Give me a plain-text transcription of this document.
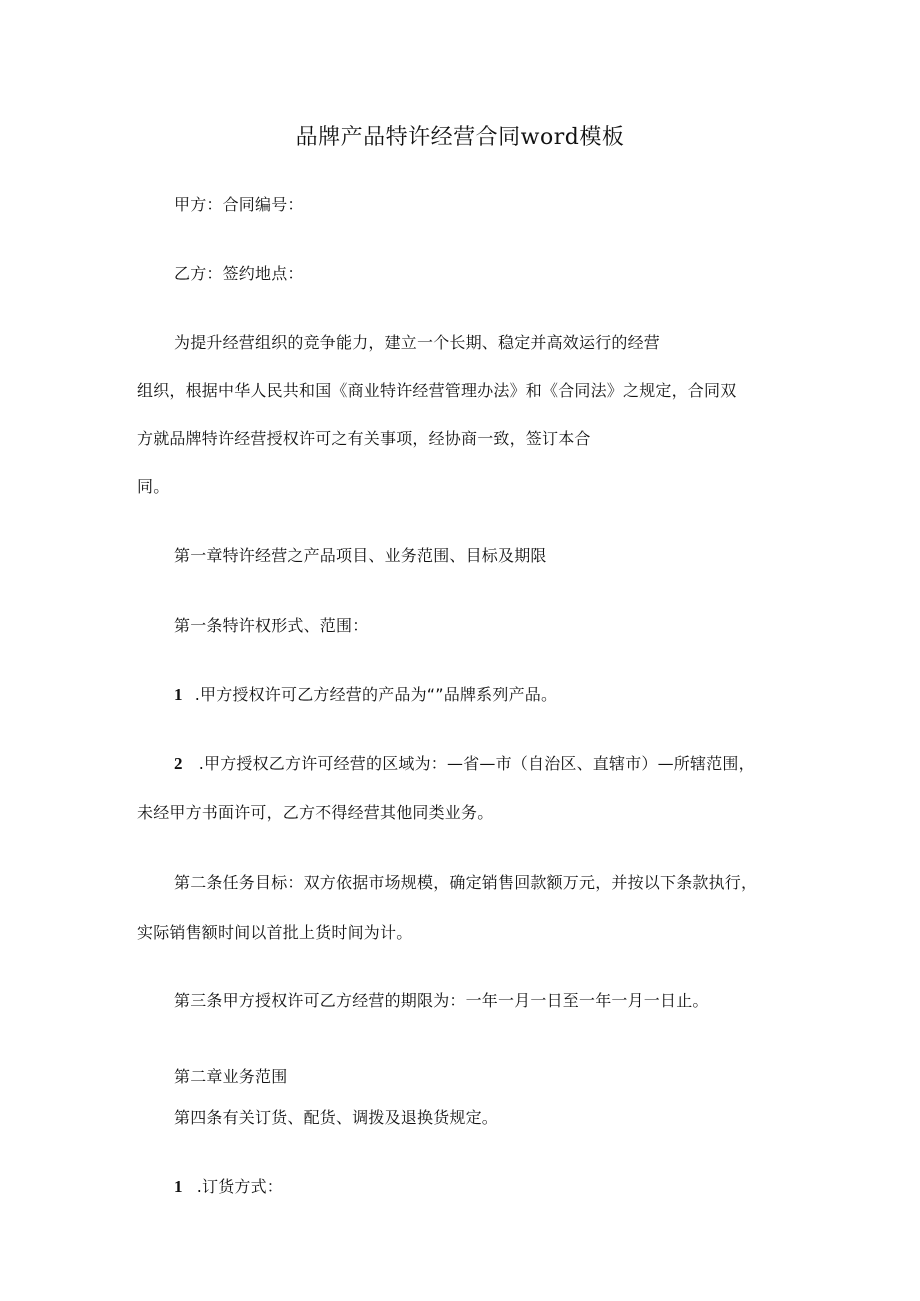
品牌产品特许经营合同word模板
甲方：合同编号：
乙方：签约地点：
为提升经营组织的竞争能力，建立一个长期、稳定并高效运行的经营
组织，根据中华人民共和国《商业特许经营管理办法》和《合同法》之规定，合同双
方就品牌特许经营授权许可之有关事项，经协商一致，签订本合
同。
第一章特许经营之产品项目、业务范围、目标及期限
第一条特许权形式、范围：
1 .甲方授权许可乙方经营的产品为“”品牌系列产品。
2 .甲方授权乙方许可经营的区域为：—省—市（自治区、直辖市）—所辖范围，
未经甲方书面许可，乙方不得经营其他同类业务。
第二条任务目标：双方依据市场规模，确定销售回款额万元，并按以下条款执行，
实际销售额时间以首批上货时间为计。
第三条甲方授权许可乙方经营的期限为：一年一月一日至一年一月一日止。
第二章业务范围
第四条有关订货、配货、调拨及退换货规定。
1 .订货方式：
